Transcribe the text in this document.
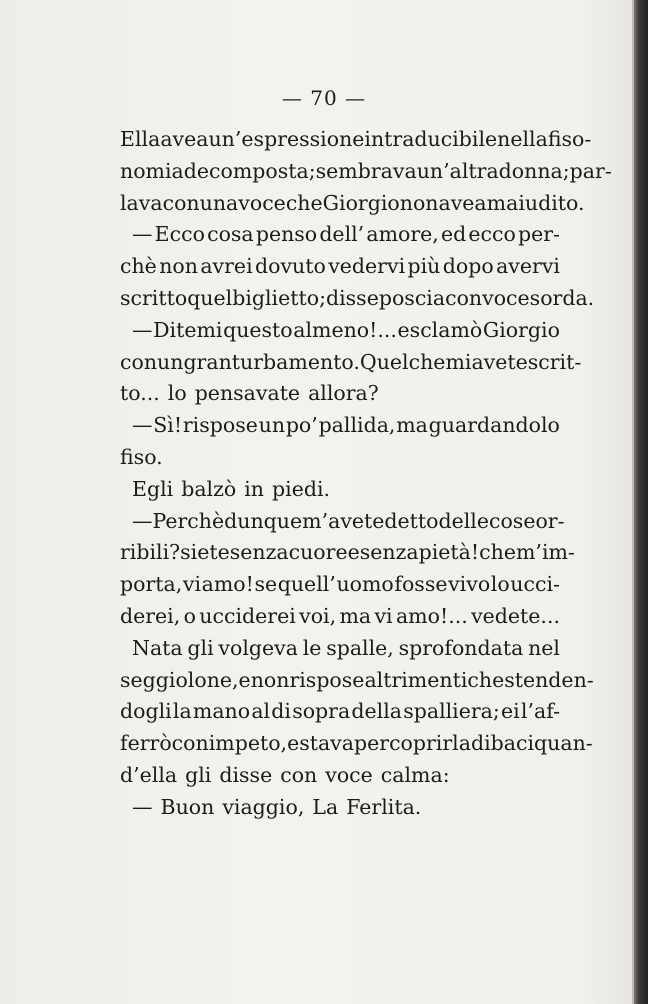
— 70 —
Ella avea un’ espressione intraducibile nella fiso-
nomia decomposta; sembrava un’ altra donna; par-
lava con una voce che Giorgio non avea mai udito.
— Ecco cosa penso dell’ amore, ed ecco per-
chè non avrei dovuto vedervi più dopo avervi
scritto quel biglietto; disse poscia con voce sorda.
— Ditemi questo almeno!... esclamò Giorgio
con un gran turbamento. Quel che mi avete scrit-
to... lo pensavate allora?
— Sì! rispose un po’ pallida, ma guardandolo
fiso.
Egli balzò in piedi.
— Perchè dunque m’ avete detto delle cose or-
ribili? siete senza cuore e senza pietà! che m’ im-
porta, vi amo! se quell’ uomo fosse vivo lo ucci-
derei, o ucciderei voi, ma vi amo!... vedete...
Nata gli volgeva le spalle, sprofondata nel
seggiolone, e non rispose altrimenti che stenden-
dogli la mano al di sopra della spalliera; ei l’af-
ferrò con impeto, e stava per coprirla di baci quan-
d’ella gli disse con voce calma:
— Buon viaggio, La Ferlita.
